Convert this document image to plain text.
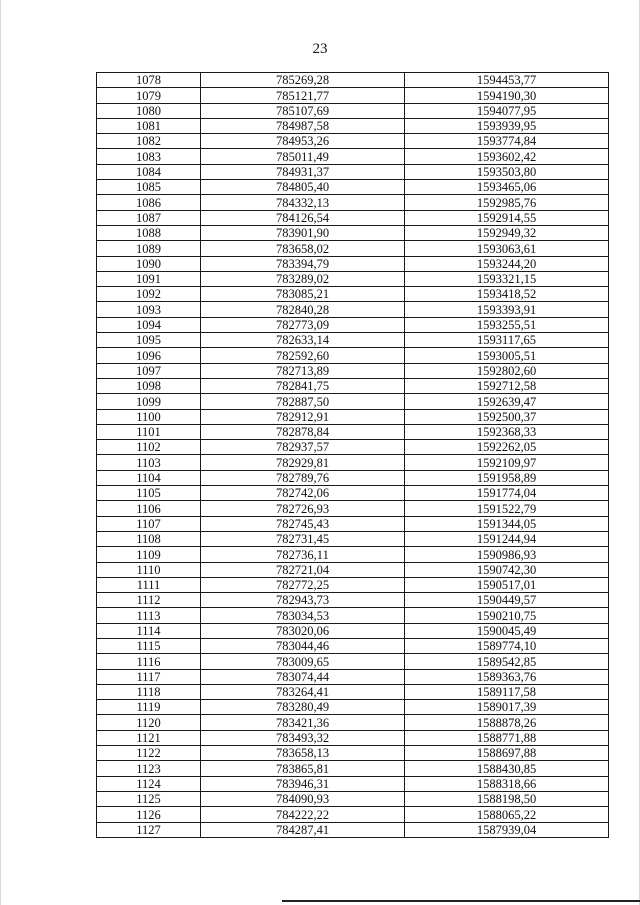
23
1078	785269,28	1594453,77
1079	785121,77	1594190,30
1080	785107,69	1594077,95
1081	784987,58	1593939,95
1082	784953,26	1593774,84
1083	785011,49	1593602,42
1084	784931,37	1593503,80
1085	784805,40	1593465,06
1086	784332,13	1592985,76
1087	784126,54	1592914,55
1088	783901,90	1592949,32
1089	783658,02	1593063,61
1090	783394,79	1593244,20
1091	783289,02	1593321,15
1092	783085,21	1593418,52
1093	782840,28	1593393,91
1094	782773,09	1593255,51
1095	782633,14	1593117,65
1096	782592,60	1593005,51
1097	782713,89	1592802,60
1098	782841,75	1592712,58
1099	782887,50	1592639,47
1100	782912,91	1592500,37
1101	782878,84	1592368,33
1102	782937,57	1592262,05
1103	782929,81	1592109,97
1104	782789,76	1591958,89
1105	782742,06	1591774,04
1106	782726,93	1591522,79
1107	782745,43	1591344,05
1108	782731,45	1591244,94
1109	782736,11	1590986,93
1110	782721,04	1590742,30
1111	782772,25	1590517,01
1112	782943,73	1590449,57
1113	783034,53	1590210,75
1114	783020,06	1590045,49
1115	783044,46	1589774,10
1116	783009,65	1589542,85
1117	783074,44	1589363,76
1118	783264,41	1589117,58
1119	783280,49	1589017,39
1120	783421,36	1588878,26
1121	783493,32	1588771,88
1122	783658,13	1588697,88
1123	783865,81	1588430,85
1124	783946,31	1588318,66
1125	784090,93	1588198,50
1126	784222,22	1588065,22
1127	784287,41	1587939,04
